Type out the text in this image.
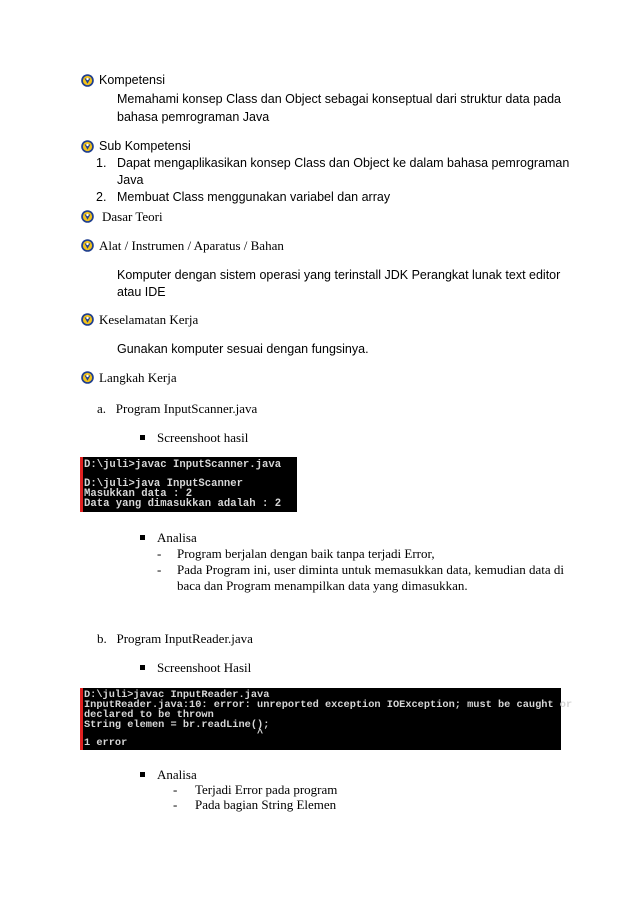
Kompetensi
Memahami konsep Class dan Object sebagai konseptual dari struktur data pada
bahasa pemrograman Java
Sub Kompetensi
1. Dapat mengaplikasikan konsep Class dan Object ke dalam bahasa pemrograman
Java
2. Membuat Class menggunakan variabel dan array
Dasar Teori
Alat / Instrumen / Aparatus / Bahan
Komputer dengan sistem operasi yang terinstall JDK Perangkat lunak text editor
atau IDE
Keselamatan Kerja
Gunakan komputer sesuai dengan fungsinya.
Langkah Kerja
a.   Program InputScanner.java
Screenshoot hasil
D:\juli>javac InputScanner.java
D:\juli>java InputScanner
Masukkan data : 2
Data yang dimasukkan adalah : 2
Analisa
- Program berjalan dengan baik tanpa terjadi Error,
- Pada Program ini, user diminta untuk memasukkan data, kemudian data di
baca dan Program menampilkan data yang dimasukkan.
b.   Program InputReader.java
Screenshoot Hasil
D:\juli>javac InputReader.java
InputReader.java:10: error: unreported exception IOException; must be caught or
declared to be thrown
String elemen = br.readLine();
^
1 error
Analisa
- Terjadi Error pada program
- Pada bagian String Elemen
